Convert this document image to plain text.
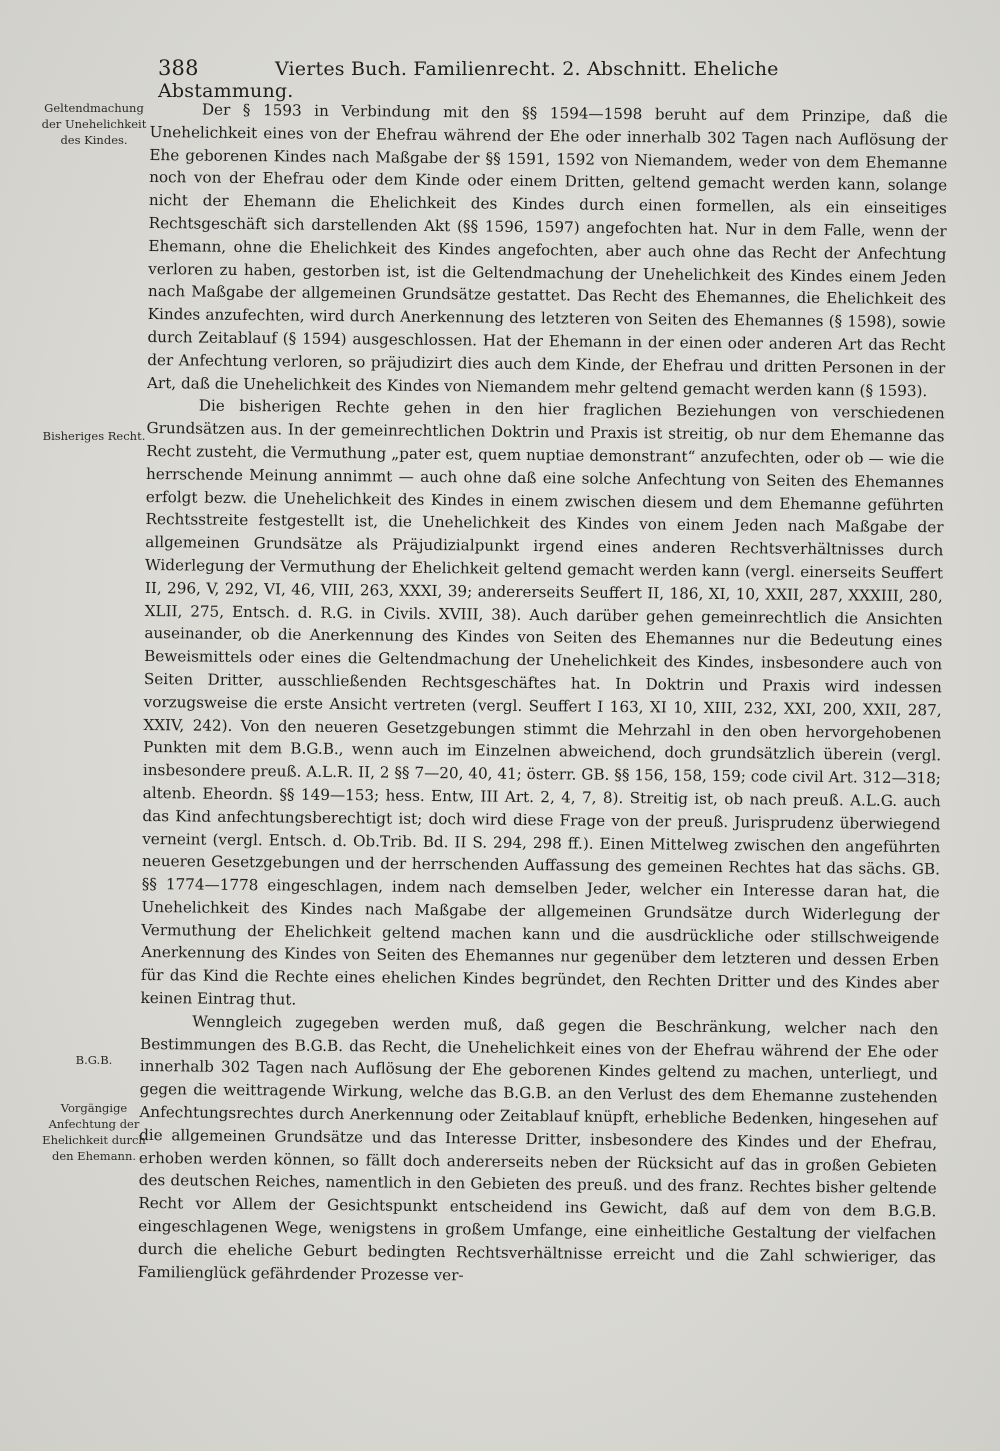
388	Viertes Buch. Familienrecht. 2. Abschnitt. Eheliche Abstammung.
Geltendmachung der Unehelichkeit des Kindes.
Bisheriges Recht.
B.G.B.
Vorgängige Anfechtung der Ehelichkeit durch den Ehemann.

Der § 1593 in Verbindung mit den §§ 1594—1598 beruht auf dem Prinzipe, daß die Unehelichkeit eines von der Ehefrau während der Ehe oder innerhalb 302 Tagen nach Auflösung der Ehe geborenen Kindes nach Maßgabe der §§ 1591, 1592 von Niemandem, weder von dem Ehemanne noch von der Ehefrau oder dem Kinde oder einem Dritten, geltend gemacht werden kann, solange nicht der Ehemann die Ehelichkeit des Kindes durch einen formellen, als ein einseitiges Rechtsgeschäft sich darstellenden Akt (§§ 1596, 1597) angefochten hat. Nur in dem Falle, wenn der Ehemann, ohne die Ehelichkeit des Kindes angefochten, aber auch ohne das Recht der Anfechtung verloren zu haben, gestorben ist, ist die Geltendmachung der Unehelichkeit des Kindes einem Jeden nach Maßgabe der allgemeinen Grundsätze gestattet. Das Recht des Ehemannes, die Ehelichkeit des Kindes anzufechten, wird durch Anerkennung des letzteren von Seiten des Ehemannes (§ 1598), sowie durch Zeitablauf (§ 1594) ausgeschlossen. Hat der Ehemann in der einen oder anderen Art das Recht der Anfechtung verloren, so präjudizirt dies auch dem Kinde, der Ehefrau und dritten Personen in der Art, daß die Unehelichkeit des Kindes von Niemandem mehr geltend gemacht werden kann (§ 1593).

Die bisherigen Rechte gehen in den hier fraglichen Beziehungen von verschiedenen Grundsätzen aus. In der gemeinrechtlichen Doktrin und Praxis ist streitig, ob nur dem Ehemanne das Recht zusteht, die Vermuthung „pater est, quem nuptiae demonstrant“ anzufechten, oder ob — wie die herrschende Meinung annimmt — auch ohne daß eine solche Anfechtung von Seiten des Ehemannes erfolgt bezw. die Unehelichkeit des Kindes in einem zwischen diesem und dem Ehemanne geführten Rechtsstreite festgestellt ist, die Unehelichkeit des Kindes von einem Jeden nach Maßgabe der allgemeinen Grundsätze als Präjudizialpunkt irgend eines anderen Rechtsverhältnisses durch Widerlegung der Vermuthung der Ehelichkeit geltend gemacht werden kann (vergl. einerseits Seuffert II, 296, V, 292, VI, 46, VIII, 263, XXXI, 39; andererseits Seuffert II, 186, XI, 10, XXII, 287, XXXIII, 280, XLII, 275, Entsch. d. R.G. in Civils. XVIII, 38). Auch darüber gehen gemeinrechtlich die Ansichten auseinander, ob die Anerkennung des Kindes von Seiten des Ehemannes nur die Bedeutung eines Beweismittels oder eines die Geltendmachung der Unehelichkeit des Kindes, insbesondere auch von Seiten Dritter, ausschließenden Rechtsgeschäftes hat. In Doktrin und Praxis wird indessen vorzugsweise die erste Ansicht vertreten (vergl. Seuffert I 163, XI 10, XIII, 232, XXI, 200, XXII, 287, XXIV, 242). Von den neueren Gesetzgebungen stimmt die Mehrzahl in den oben hervorgehobenen Punkten mit dem B.G.B., wenn auch im Einzelnen abweichend, doch grundsätzlich überein (vergl. insbesondere preuß. A.L.R. II, 2 §§ 7—20, 40, 41; österr. GB. §§ 156, 158, 159; code civil Art. 312—318; altenb. Eheordn. §§ 149—153; hess. Entw, III Art. 2, 4, 7, 8). Streitig ist, ob nach preuß. A.L.G. auch das Kind anfechtungsberechtigt ist; doch wird diese Frage von der preuß. Jurisprudenz überwiegend verneint (vergl. Entsch. d. Ob.Trib. Bd. II S. 294, 298 ff.). Einen Mittelweg zwischen den angeführten neueren Gesetzgebungen und der herrschenden Auffassung des gemeinen Rechtes hat das sächs. GB. §§ 1774—1778 eingeschlagen, indem nach demselben Jeder, welcher ein Interesse daran hat, die Unehelichkeit des Kindes nach Maßgabe der allgemeinen Grundsätze durch Widerlegung der Vermuthung der Ehelichkeit geltend machen kann und die ausdrückliche oder stillschweigende Anerkennung des Kindes von Seiten des Ehemannes nur gegenüber dem letzteren und dessen Erben für das Kind die Rechte eines ehelichen Kindes begründet, den Rechten Dritter und des Kindes aber keinen Eintrag thut.

Wenngleich zugegeben werden muß, daß gegen die Beschränkung, welcher nach den Bestimmungen des B.G.B. das Recht, die Unehelichkeit eines von der Ehefrau während der Ehe oder innerhalb 302 Tagen nach Auflösung der Ehe geborenen Kindes geltend zu machen, unterliegt, und gegen die weittragende Wirkung, welche das B.G.B. an den Verlust des dem Ehemanne zustehenden Anfechtungsrechtes durch Anerkennung oder Zeitablauf knüpft, erhebliche Bedenken, hingesehen auf die allgemeinen Grundsätze und das Interesse Dritter, insbesondere des Kindes und der Ehefrau, erhoben werden können, so fällt doch andererseits neben der Rücksicht auf das in großen Gebieten des deutschen Reiches, namentlich in den Gebieten des preuß. und des franz. Rechtes bisher geltende Recht vor Allem der Gesichtspunkt entscheidend ins Gewicht, daß auf dem von dem B.G.B. eingeschlagenen Wege, wenigstens in großem Umfange, eine einheitliche Gestaltung der vielfachen durch die eheliche Geburt bedingten Rechtsverhältnisse erreicht und die Zahl schwieriger, das Familienglück gefährdender Prozesse ver-
